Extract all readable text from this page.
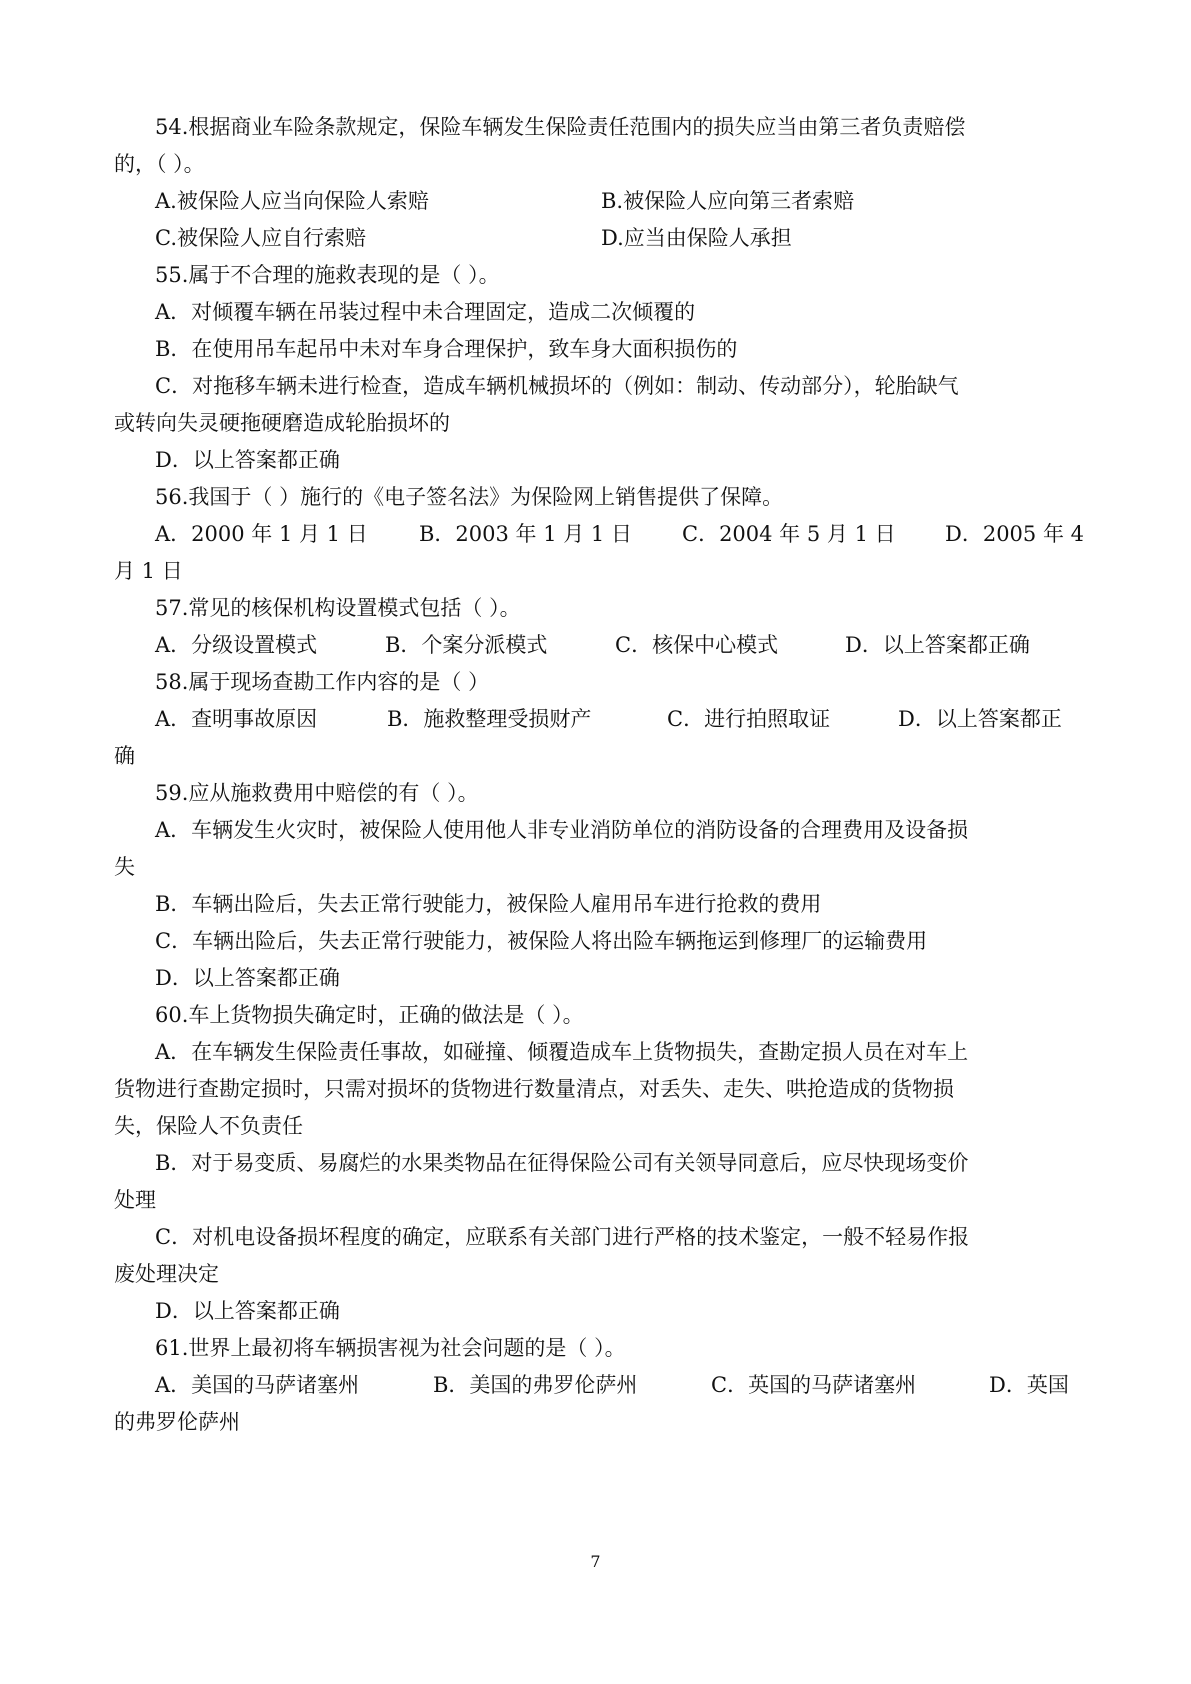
54.根据商业车险条款规定，保险车辆发生保险责任范围内的损失应当由第三者负责赔偿
的，（ ）。
A.被保险人应当向保险人索赔	B.被保险人应向第三者索赔
C.被保险人应自行索赔	D.应当由保险人承担
55.属于不合理的施救表现的是（ ）。
A．对倾覆车辆在吊装过程中未合理固定，造成二次倾覆的
B．在使用吊车起吊中未对车身合理保护，致车身大面积损伤的
C．对拖移车辆未进行检查，造成车辆机械损坏的（例如：制动、传动部分），轮胎缺气
或转向失灵硬拖硬磨造成轮胎损坏的
D．以上答案都正确
56.我国于（ ）施行的《电子签名法》为保险网上销售提供了保障。
A．2000 年 1 月 1 日 B．2003 年 1 月 1 日 C．2004 年 5 月 1 日 D．2005 年 4
月 1 日
57.常见的核保机构设置模式包括（ ）。
A．分级设置模式	B．个案分派模式	C．核保中心模式	D．以上答案都正确
58.属于现场查勘工作内容的是（ ）
A．查明事故原因	B．施救整理受损财产	C．进行拍照取证	D．以上答案都正
确
59.应从施救费用中赔偿的有（ ）。
A．车辆发生火灾时，被保险人使用他人非专业消防单位的消防设备的合理费用及设备损
失
B．车辆出险后，失去正常行驶能力，被保险人雇用吊车进行抢救的费用
C．车辆出险后，失去正常行驶能力，被保险人将出险车辆拖运到修理厂的运输费用
D．以上答案都正确
60.车上货物损失确定时，正确的做法是（ ）。
A．在车辆发生保险责任事故，如碰撞、倾覆造成车上货物损失，查勘定损人员在对车上
货物进行查勘定损时，只需对损坏的货物进行数量清点，对丢失、走失、哄抢造成的货物损
失，保险人不负责任
B．对于易变质、易腐烂的水果类物品在征得保险公司有关领导同意后，应尽快现场变价
处理
C．对机电设备损坏程度的确定，应联系有关部门进行严格的技术鉴定，一般不轻易作报
废处理决定
D．以上答案都正确
61.世界上最初将车辆损害视为社会问题的是（ ）。
A．美国的马萨诸塞州	B．美国的弗罗伦萨州	C．英国的马萨诸塞州	D．英国
的弗罗伦萨州
7
